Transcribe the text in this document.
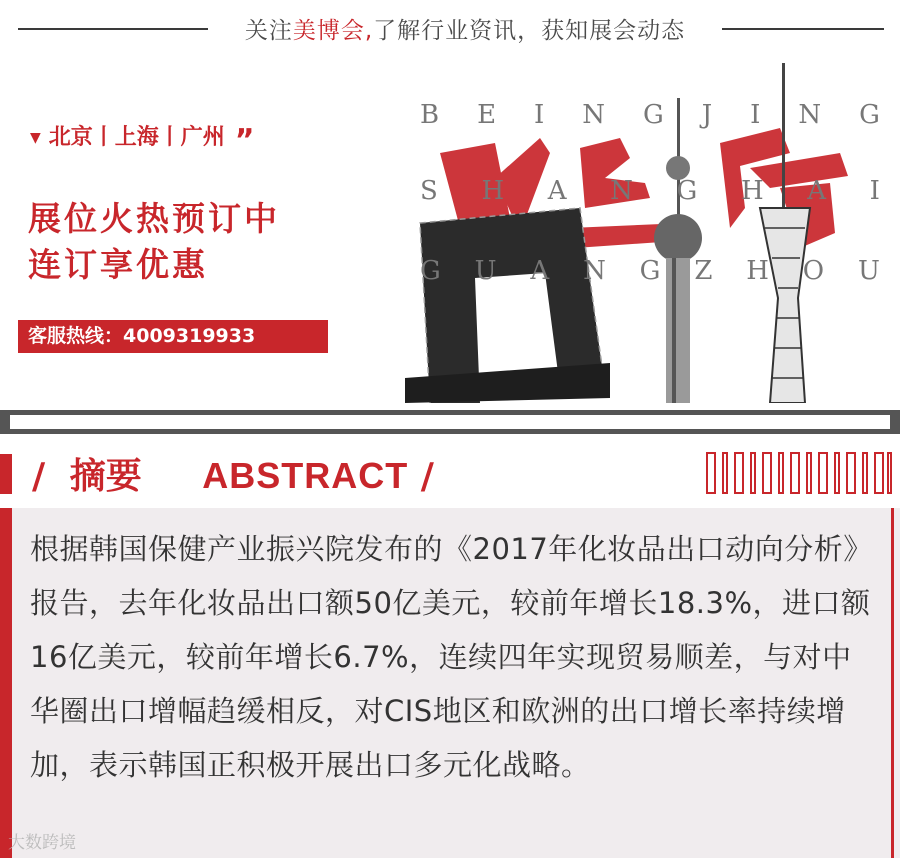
关注美博会,了解行业资讯，获知展会动态
▼ 北京丨上海丨广州 ”
展位火热预订中
连订享优惠
客服热线：4009319933
B E I N G J I N G
S H A N G H A I
G U A N G Z H O U
/ 摘要 ABSTRACT /
根据韩国保健产业振兴院发布的《2017年化妆品出口动向分析》报告，去年化妆品出口额50亿美元，较前年增长18.3%，进口额16亿美元，较前年增长6.7%，连续四年实现贸易顺差，与对中华圈出口增幅趋缓相反，对CIS地区和欧洲的出口增长率持续增加，表示韩国正积极开展出口多元化战略。
大数跨境
